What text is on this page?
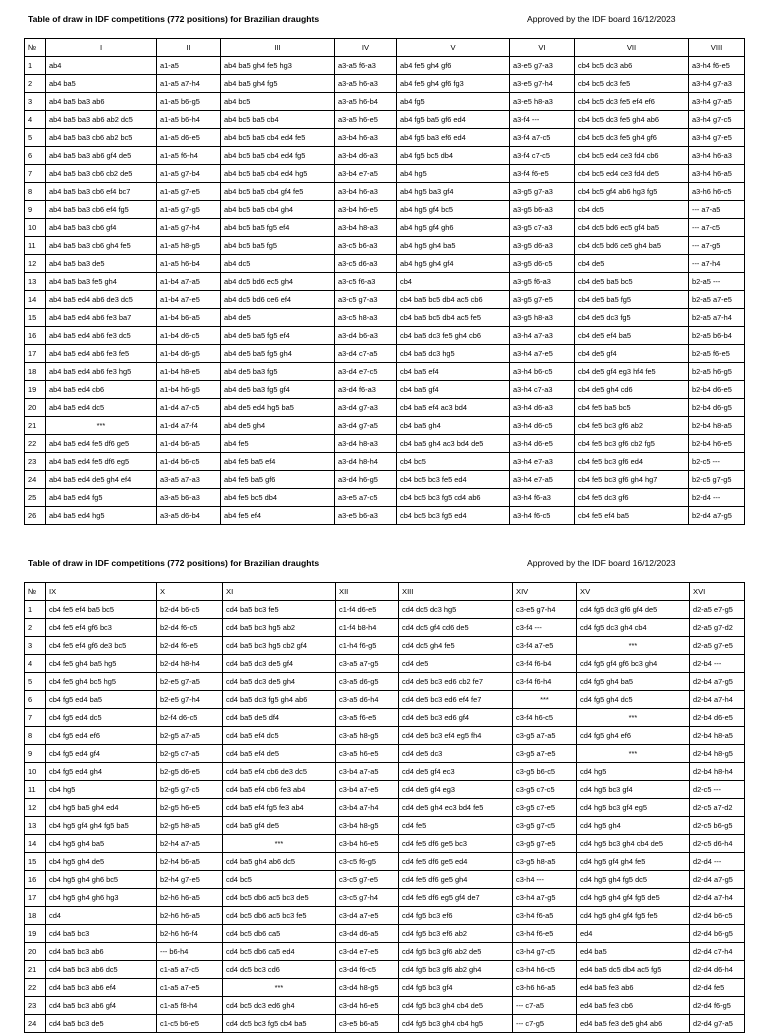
Table of draw in IDF competitions (772 positions) for Brazilian draughts	Approved by the IDF board 16/12/2023
№	I	II	III	IV	V	VI	VII	VIII
1	ab4	a1-a5	ab4 ba5 gh4 fe5 hg3	a3-a5 f6-a3	ab4 fe5 gh4 gf6	a3-e5 g7-a3	cb4 bc5 dc3 ab6	a3-h4 f6-e5
2	ab4 ba5	a1-a5 a7-h4	ab4 ba5 gh4 fg5	a3-a5 h6-a3	ab4 fe5 gh4 gf6 fg3	a3-e5 g7-h4	cb4 bc5 dc3 fe5	a3-h4 g7-a3
3	ab4 ba5 ba3 ab6	a1-a5 b6-g5	ab4 bc5	a3-a5 h6-b4	ab4 fg5	a3-e5 h8-a3	cb4 bc5 dc3 fe5 ef4 ef6	a3-h4 g7-a5
4	ab4 ba5 ba3 ab6 ab2 dc5	a1-a5 b6-h4	ab4 bc5 ba5 cb4	a3-a5 h6-e5	ab4 fg5 ba5 gf6 ed4	a3-f4 ---	cb4 bc5 dc3 fe5 gh4 ab6	a3-h4 g7-c5
5	ab4 ba5 ba3 cb6 ab2 bc5	a1-a5 d6-e5	ab4 bc5 ba5 cb4 ed4 fe5	a3-b4 h6-a3	ab4 fg5 ba3 ef6 ed4	a3-f4 a7-c5	cb4 bc5 dc3 fe5 gh4 gf6	a3-h4 g7-e5
6	ab4 ba5 ba3 ab6 gf4 de5	a1-a5 f6-h4	ab4 bc5 ba5 cb4 ed4 fg5	a3-b4 d6-a3	ab4 fg5 bc5 db4	a3-f4 c7-c5	cb4 bc5 ed4 ce3 fd4 cb6	a3-h4 h6-a3
7	ab4 ba5 ba3 cb6 cb2 de5	a1-a5 g7-b4	ab4 bc5 ba5 cb4 ed4 hg5	a3-b4 e7-a5	ab4 hg5	a3-f4 f6-e5	cb4 bc5 ed4 ce3 fd4 de5	a3-h4 h6-a5
8	ab4 ba5 ba3 cb6 ef4 bc7	a1-a5 g7-e5	ab4 bc5 ba5 cb4 gf4 fe5	a3-b4 h6-a3	ab4 hg5 ba3 gf4	a3-g5 g7-a3	cb4 bc5 gf4 ab6 hg3 fg5	a3-h6 h6-c5
9	ab4 ba5 ba3 cb6 ef4 fg5	a1-a5 g7-g5	ab4 bc5 ba5 cb4 gh4	a3-b4 h6-e5	ab4 hg5 gf4 bc5	a3-g5 b6-a3	cb4 dc5	--- a7-a5
10	ab4 ba5 ba3 cb6 gf4	a1-a5 g7-h4	ab4 bc5 ba5 fg5 ef4	a3-b4 h8-a3	ab4 hg5 gf4 gh6	a3-g5 c7-a3	cb4 dc5 bd6 ec5 gf4 ba5	--- a7-c5
11	ab4 ba5 ba3 cb6 gh4 fe5	a1-a5 h8-g5	ab4 bc5 ba5 fg5	a3-c5 b6-a3	ab4 hg5 gh4 ba5	a3-g5 d6-a3	cb4 dc5 bd6 ce5 gh4 ba5	--- a7-g5
12	ab4 ba5 ba3 de5	a1-a5 h6-b4	ab4 dc5	a3-c5 d6-a3	ab4 hg5 gh4 gf4	a3-g5 d6-c5	cb4 de5	--- a7-h4
13	ab4 ba5 ba3 fe5 gh4	a1-b4 a7-a5	ab4 dc5 bd6 ec5 gh4	a3-c5 f6-a3	cb4	a3-g5 f6-a3	cb4 de5 ba5 bc5	b2-a5 ---
14	ab4 ba5 ed4 ab6 de3 dc5	a1-b4 a7-e5	ab4 dc5 bd6 ce6 ef4	a3-c5 g7-a3	cb4 ba5 bc5 db4 ac5 cb6	a3-g5 g7-e5	cb4 de5 ba5 fg5	b2-a5 a7-e5
15	ab4 ba5 ed4 ab6 fe3 ba7	a1-b4 b6-a5	ab4 de5	a3-c5 h8-a3	cb4 ba5 bc5 db4 ac5 fe5	a3-g5 h8-a3	cb4 de5 dc3 fg5	b2-a5 a7-h4
16	ab4 ba5 ed4 ab6 fe3 dc5	a1-b4 d6-c5	ab4 de5 ba5 fg5 ef4	a3-d4 b6-a3	cb4 ba5 dc3 fe5 gh4 cb6	a3-h4 a7-a3	cb4 de5 ef4 ba5	b2-a5 b6-b4
17	ab4 ba5 ed4 ab6 fe3 fe5	a1-b4 d6-g5	ab4 de5 ba5 fg5 gh4	a3-d4 c7-a5	cb4 ba5 dc3 hg5	a3-h4 a7-e5	cb4 de5 gf4	b2-a5 f6-e5
18	ab4 ba5 ed4 ab6 fe3 hg5	a1-b4 h8-e5	ab4 de5 ba3 fg5	a3-d4 e7-c5	cb4 ba5 ef4	a3-h4 b6-c5	cb4 de5 gf4 eg3 hf4 fe5	b2-a5 h6-g5
19	ab4 ba5 ed4 cb6	a1-b4 h6-g5	ab4 de5 ba3 fg5 gf4	a3-d4 f6-a3	cb4 ba5 gf4	a3-h4 c7-a3	cb4 de5 gh4 cd6	b2-b4 d6-e5
20	ab4 ba5 ed4 dc5	a1-d4 a7-c5	ab4 de5 ed4 hg5 ba5	a3-d4 g7-a3	cb4 ba5 ef4 ac3 bd4	a3-h4 d6-a3	cb4 fe5 ba5 bc5	b2-b4 d6-g5
21	***	a1-d4 a7-f4	ab4 de5 gh4	a3-d4 g7-a5	cb4 ba5 gh4	a3-h4 d6-c5	cb4 fe5 bc3 gf6 ab2	b2-b4 h8-a5
22	ab4 ba5 ed4 fe5 df6 ge5	a1-d4 b6-a5	ab4 fe5	a3-d4 h8-a3	cb4 ba5 gh4 ac3 bd4 de5	a3-h4 d6-e5	cb4 fe5 bc3 gf6 cb2 fg5	b2-b4 h6-e5
23	ab4 ba5 ed4 fe5 df6 eg5	a1-d4 b6-c5	ab4 fe5 ba5 ef4	a3-d4 h8-h4	cb4 bc5	a3-h4 e7-a3	cb4 fe5 bc3 gf6 ed4	b2-c5 ---
24	ab4 ba5 ed4 de5 gh4 ef4	a3-a5 a7-a3	ab4 fe5 ba5 gf6	a3-d4 h6-g5	cb4 bc5 bc3 fe5 ed4	a3-h4 e7-a5	cb4 fe5 bc3 gf6 gh4 hg7	b2-c5 g7-g5
25	ab4 ba5 ed4 fg5	a3-a5 b6-a3	ab4 fe5 bc5 db4	a3-e5 a7-c5	cb4 bc5 bc3 fg5 cd4 ab6	a3-h4 f6-a3	cb4 fe5 dc3 gf6	b2-d4 ---
26	ab4 ba5 ed4 hg5	a3-a5 d6-b4	ab4 fe5 ef4	a3-e5 b6-a3	cb4 bc5 bc3 fg5 ed4	a3-h4 f6-c5	cb4 fe5 ef4 ba5	b2-d4 a7-g5
Table of draw in IDF competitions (772 positions) for Brazilian draughts	Approved by the IDF board 16/12/2023
№	IX	X	XI	XII	XIII	XIV	XV	XVI
1	cb4 fe5 ef4 ba5 bc5	b2-d4 b6-c5	cd4 ba5 bc3 fe5	c1-f4 d6-e5	cd4 dc5 dc3 hg5	c3-e5 g7-h4	cd4 fg5 dc3 gf6 gf4 de5	d2-a5 e7-g5
2	cb4 fe5 ef4 gf6 bc3	b2-d4 f6-c5	cd4 ba5 bc3 hg5 ab2	c1-f4 b8-h4	cd4 dc5 gf4 cd6 de5	c3-f4 ---	cd4 fg5 dc3 gh4 cb4	d2-a5 g7-d2
3	cb4 fe5 ef4 gf6 de3 bc5	b2-d4 f6-e5	cd4 ba5 bc3 hg5 cb2 gf4	c1-h4 f6-g5	cd4 dc5 gh4 fe5	c3-f4 a7-e5	***	d2-a5 g7-e5
4	cb4 fe5 gh4 ba5 hg5	b2-d4 h8-h4	cd4 ba5 dc3 de5 gf4	c3-a5 a7-g5	cd4 de5	c3-f4 f6-b4	cd4 fg5 gf4 gf6 bc3 gh4	d2-b4 ---
5	cb4 fe5 gh4 bc5 hg5	b2-e5 g7-a5	cd4 ba5 dc3 de5 gh4	c3-a5 d6-g5	cd4 de5 bc3 ed6 cb2 fe7	c3-f4 f6-h4	cd4 fg5 gh4 ba5	d2-b4 a7-g5
6	cb4 fg5 ed4 ba5	b2-e5 g7-h4	cd4 ba5 dc3 fg5 gh4 ab6	c3-a5 d6-h4	cd4 de5 bc3 ed6 ef4 fe7	***	cd4 fg5 gh4 dc5	d2-b4 a7-h4
7	cb4 fg5 ed4 dc5	b2-f4 d6-c5	cd4 ba5 de5 df4	c3-a5 f6-e5	cd4 de5 bc3 ed6 gf4	c3-f4 h6-c5	***	d2-b4 d6-e5
8	cb4 fg5 ed4 ef6	b2-g5 a7-a5	cd4 ba5 ef4 dc5	c3-a5 h8-g5	cd4 de5 bc3 ef4 eg5 fh4	c3-g5 a7-a5	cd4 fg5 gh4 ef6	d2-b4 h8-a5
9	cb4 fg5 ed4 gf4	b2-g5 c7-a5	cd4 ba5 ef4 de5	c3-a5 h6-e5	cd4 de5 dc3	c3-g5 a7-e5	***	d2-b4 h8-g5
10	cb4 fg5 ed4 gh4	b2-g5 d6-e5	cd4 ba5 ef4 cb6 de3 dc5	c3-b4 a7-a5	cd4 de5 gf4 ec3	c3-g5 b6-c5	cd4 hg5	d2-b4 h8-h4
11	cb4 hg5	b2-g5 g7-c5	cd4 ba5 ef4 cb6 fe3 ab4	c3-b4 a7-e5	cd4 de5 gf4 eg3	c3-g5 c7-c5	cd4 hg5 bc3 gf4	d2-c5 ---
12	cb4 hg5 ba5 gh4 ed4	b2-g5 h6-e5	cd4 ba5 ef4 fg5 fe3 ab4	c3-b4 a7-h4	cd4 de5 gh4 ec3 bd4 fe5	c3-g5 c7-e5	cd4 hg5 bc3 gf4 eg5	d2-c5 a7-d2
13	cb4 hg5 gf4 gh4 fg5 ba5	b2-g5 h8-a5	cd4 ba5 gf4 de5	c3-b4 h8-g5	cd4 fe5	c3-g5 g7-c5	cd4 hg5 gh4	d2-c5 b6-g5
14	cb4 hg5 gh4 ba5	b2-h4 a7-a5	***	c3-b4 h6-e5	cd4 fe5 df6 ge5 bc3	c3-g5 g7-e5	cd4 hg5 bc3 gh4 cb4 de5	d2-c5 d6-h4
15	cb4 hg5 gh4 de5	b2-h4 b6-a5	cd4 ba5 gh4 ab6 dc5	c3-c5 f6-g5	cd4 fe5 df6 ge5 ed4	c3-g5 h8-a5	cd4 hg5 gf4 gh4 fe5	d2-d4 ---
16	cb4 hg5 gh4 gh6 bc5	b2-h4 g7-e5	cd4 bc5	c3-c5 g7-e5	cd4 fe5 df6 ge5 gh4	c3-h4 ---	cd4 hg5 gh4 fg5 dc5	d2-d4 a7-g5
17	cb4 hg5 gh4 gh6 hg3	b2-h6 h6-a5	cd4 bc5 db6 ac5 bc3 de5	c3-c5 g7-h4	cd4 fe5 df6 eg5 gf4 de7	c3-h4 a7-g5	cd4 hg5 gh4 gf4 fg5 de5	d2-d4 a7-h4
18	cd4	b2-h6 h6-a5	cd4 bc5 db6 ac5 bc3 fe5	c3-d4 a7-e5	cd4 fg5 bc3 ef6	c3-h4 f6-a5	cd4 hg5 gh4 gf4 fg5 fe5	d2-d4 b6-c5
19	cd4 ba5 bc3	b2-h6 h6-f4	cd4 bc5 db6 ca5	c3-d4 d6-a5	cd4 fg5 bc3 ef6 ab2	c3-h4 f6-e5	ed4	d2-d4 b6-g5
20	cd4 ba5 bc3 ab6	--- b6-h4	cd4 bc5 db6 ca5 ed4	c3-d4 e7-e5	cd4 fg5 bc3 gf6 ab2 de5	c3-h4 g7-c5	ed4 ba5	d2-d4 c7-h4
21	cd4 ba5 bc3 ab6 dc5	c1-a5 a7-c5	cd4 dc5 bc3 cd6	c3-d4 f6-c5	cd4 fg5 bc3 gf6 ab2 gh4	c3-h4 h6-c5	ed4 ba5 dc5 db4 ac5 fg5	d2-d4 d6-h4
22	cd4 ba5 bc3 ab6 ef4	c1-a5 a7-e5	***	c3-d4 h8-g5	cd4 fg5 bc3 gf4	c3-h6 h6-a5	ed4 ba5 fe3 ab6	d2-d4 fe5
23	cd4 ba5 bc3 ab6 gf4	c1-a5 f8-h4	cd4 bc5 dc3 ed6 gh4	c3-d4 h6-e5	cd4 fg5 bc3 gh4 cb4 de5	--- c7-a5	ed4 ba5 fe3 cb6	d2-d4 f6-g5
24	cd4 ba5 bc3 de5	c1-c5 b6-e5	cd4 dc5 bc3 fg5 cb4 ba5	c3-e5 b6-a5	cd4 fg5 bc3 gh4 cb4 hg5	--- c7-g5	ed4 ba5 fe3 de5 gh4 ab6	d2-d4 g7-a5
